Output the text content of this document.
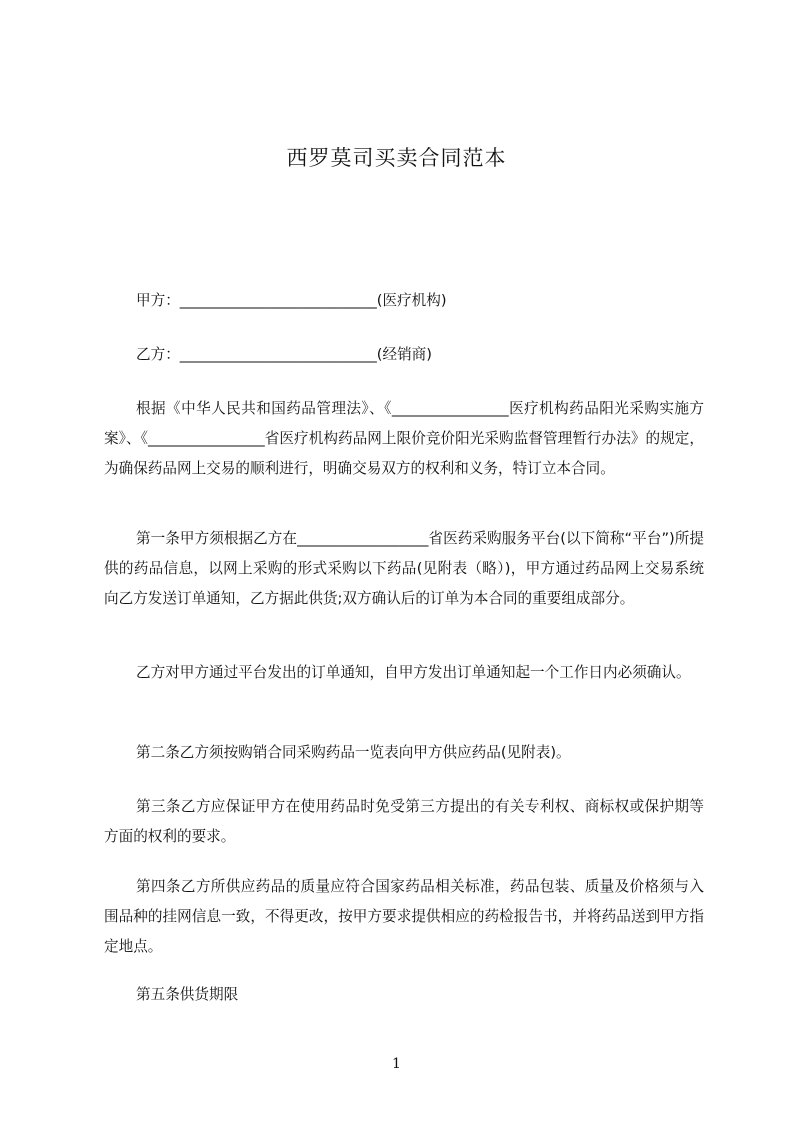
西罗莫司买卖合同范本
甲方：___________________________(医疗机构)
乙方：___________________________(经销商)
根据《中华人民共和国药品管理法》、《________________医疗机构药品阳光采购实施方案》、《________________省医疗机构药品网上限价竞价阳光采购监督管理暂行办法》的规定，为确保药品网上交易的顺利进行，明确交易双方的权利和义务，特订立本合同。
第一条甲方须根据乙方在__________________省医药采购服务平台(以下简称“平台”)所提供的药品信息，以网上采购的形式采购以下药品(见附表（略）)，甲方通过药品网上交易系统向乙方发送订单通知，乙方据此供货;双方确认后的订单为本合同的重要组成部分。
乙方对甲方通过平台发出的订单通知，自甲方发出订单通知起一个工作日内必须确认。
第二条乙方须按购销合同采购药品一览表向甲方供应药品(见附表)。
第三条乙方应保证甲方在使用药品时免受第三方提出的有关专利权、商标权或保护期等方面的权利的要求。
第四条乙方所供应药品的质量应符合国家药品相关标准，药品包装、质量及价格须与入围品种的挂网信息一致，不得更改，按甲方要求提供相应的药检报告书，并将药品送到甲方指定地点。
第五条供货期限
1
